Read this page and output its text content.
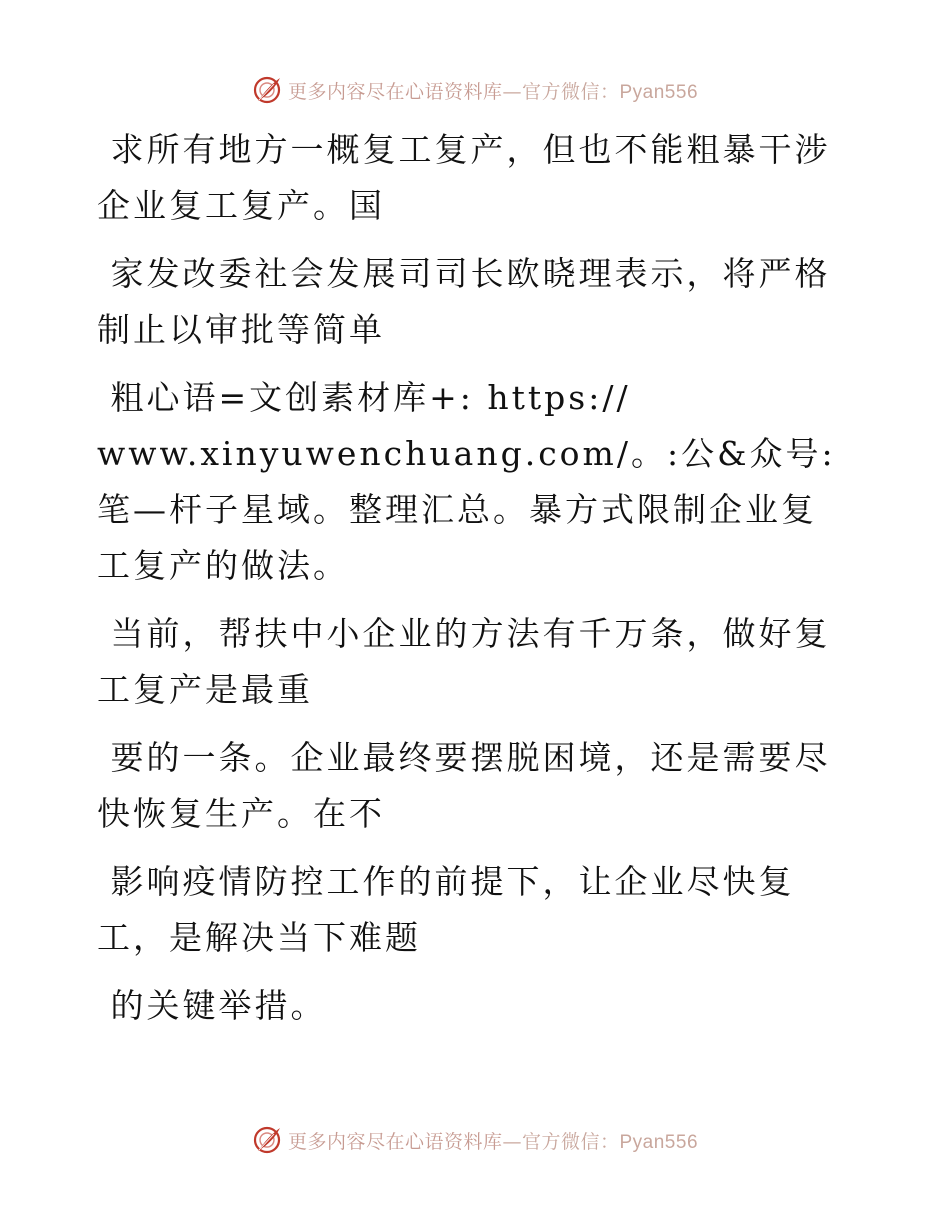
更多内容尽在心语资料库—官方微信：Pyan556

求所有地方一概复工复产，但也不能粗暴干涉企业复工复产。国

家发改委社会发展司司长欧晓理表示，将严格制止以审批等简单

粗心语=文创素材库+: https://
www.xinyuwenchuang.com/。:公&众号: 笔—杆子星域。整理汇总。暴方式限制企业复工复产的做法。

当前，帮扶中小企业的方法有千万条，做好复工复产是最重

要的一条。企业最终要摆脱困境，还是需要尽快恢复生产。在不

影响疫情防控工作的前提下，让企业尽快复工，是解决当下难题

的关键举措。

更多内容尽在心语资料库—官方微信：Pyan556
